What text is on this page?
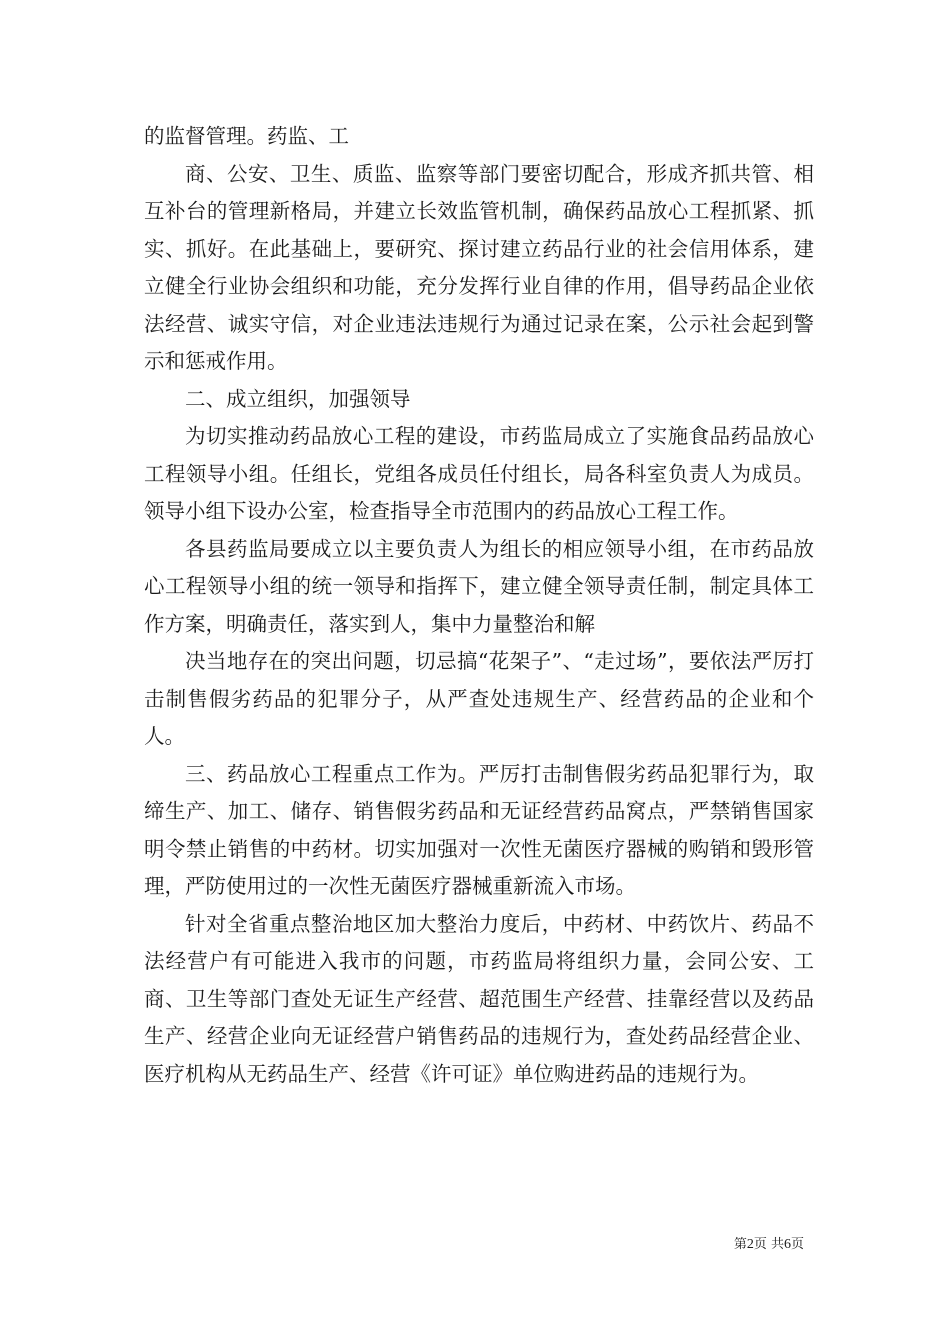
的监督管理。药监、工

商、公安、卫生、质监、监察等部门要密切配合，形成齐抓共管、相互补台的管理新格局，并建立长效监管机制，确保药品放心工程抓紧、抓实、抓好。在此基础上，要研究、探讨建立药品行业的社会信用体系，建立健全行业协会组织和功能，充分发挥行业自律的作用，倡导药品企业依法经营、诚实守信，对企业违法违规行为通过记录在案，公示社会起到警示和惩戒作用。

二、成立组织，加强领导

为切实推动药品放心工程的建设，市药监局成立了实施食品药品放心工程领导小组。任组长，党组各成员任付组长，局各科室负责人为成员。领导小组下设办公室，检查指导全市范围内的药品放心工程工作。

各县药监局要成立以主要负责人为组长的相应领导小组，在市药品放心工程领导小组的统一领导和指挥下，建立健全领导责任制，制定具体工作方案，明确责任，落实到人，集中力量整治和解

决当地存在的突出问题，切忌搞“花架子”、“走过场”，要依法严厉打击制售假劣药品的犯罪分子，从严查处违规生产、经营药品的企业和个人。

三、药品放心工程重点工作为。严厉打击制售假劣药品犯罪行为，取缔生产、加工、储存、销售假劣药品和无证经营药品窝点，严禁销售国家明令禁止销售的中药材。切实加强对一次性无菌医疗器械的购销和毁形管理，严防使用过的一次性无菌医疗器械重新流入市场。

针对全省重点整治地区加大整治力度后，中药材、中药饮片、药品不法经营户有可能进入我市的问题，市药监局将组织力量，会同公安、工商、卫生等部门查处无证生产经营、超范围生产经营、挂靠经营以及药品生产、经营企业向无证经营户销售药品的违规行为，查处药品经营企业、医疗机构从无药品生产、经营《许可证》单位购进药品的违规行为。

第2页 共6页
